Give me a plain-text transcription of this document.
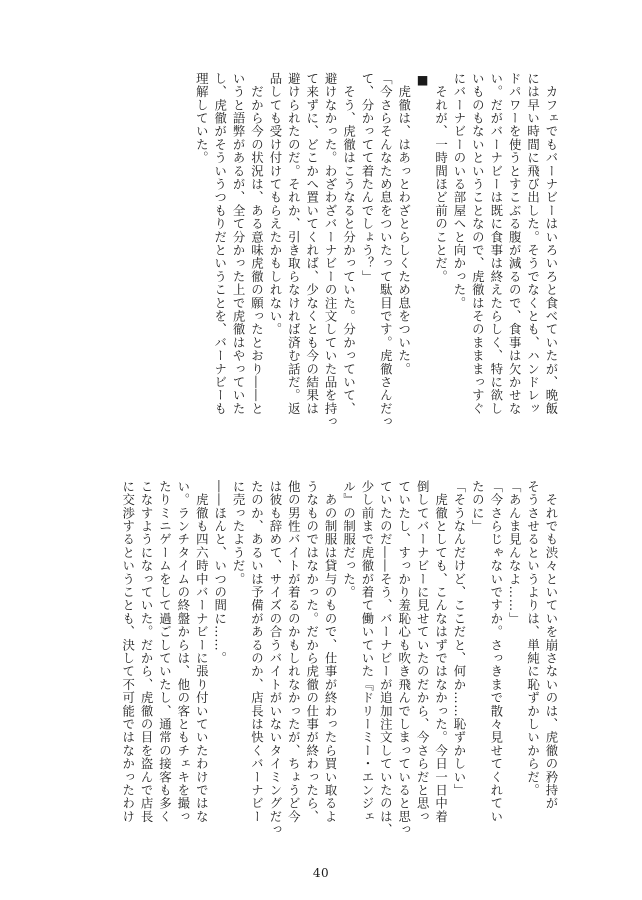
　カフェでもバーナビーはいろいろと食べていたが、晩飯
には早い時間に飛び出した。そうでなくとも、ハンドレッ
ドパワーを使うとすこぶる腹が減るので、食事は欠かせな
い。だがバーナビーは既に食事は終えたらしく、特に欲し
いものもないということなので、虎徹はそのまままっすぐ
にバーナビーのいる部屋へと向かった。
　それが、一時間ほど前のことだ。
■
　虎徹は、はあっとわざとらしくため息をついた。
「今さらそんなため息をついたって駄目です。虎徹さんだっ
て、分かってて着たんでしょう？」
　そう、虎徹はこうなると分かっていた。分かっていて、
避けなかった。わざわざバーナビーの注文していた品を持っ
て来ずに、どこかへ置いてくれば、少なくとも今の結果は
避けられたのだ。それか、引き取らなければ済む話だ。返
品しても受け付けてもらえたかもしれない。
　だから今の状況は、ある意味虎徹の願ったとおり――と
いうと語弊があるが、全て分かった上で虎徹はやっていた
し、虎徹がそういうつもりだということを、バーナビーも
理解していた。
　それでも渋々といていを崩さないのは、虎徹の矜持が
そうさせるというよりは、単純に恥ずかしいからだ。
「あんま見んなよ……」
「今さらじゃないですか。さっきまで散々見せてくれてい
たのに」
「そうなんだけど、ここだと、何か……恥ずかしい」
　虎徹としても、こんなはずではなかった。今日一日中着
倒してバーナビーに見せていたのだから、今さらだと思っ
ていたし、すっかり羞恥心も吹き飛んでしまっていると思っ
ていたのだ――そう、バーナビーが追加注文していたのは、
少し前まで虎徹が着て働いていた『ドリーミー・エンジェ
ル』の制服だった。
　あの制服は貸与のもので、仕事が終わったら買い取るよ
うなものではなかった。だから虎徹の仕事が終わったら、
他の男性バイトが着るのかもしれなかったが、ちょうど今
は彼も辞めて、サイズの合うバイトがいないタイミングだっ
たのか、あるいは予備があるのか、店長は快くバーナビー
に売ったようだ。
――ほんと、いつの間に……。
　虎徹も四六時中バーナビーに張り付いていたわけではな
い。ランチタイムの終盤からは、他の客ともチェキを撮っ
たりミニゲームをして過ごしていたし、通常の接客も多く
こなすようになっていた。だから、虎徹の目を盗んで店長
に交渉するということも、決して不可能ではなかったわけ
40
